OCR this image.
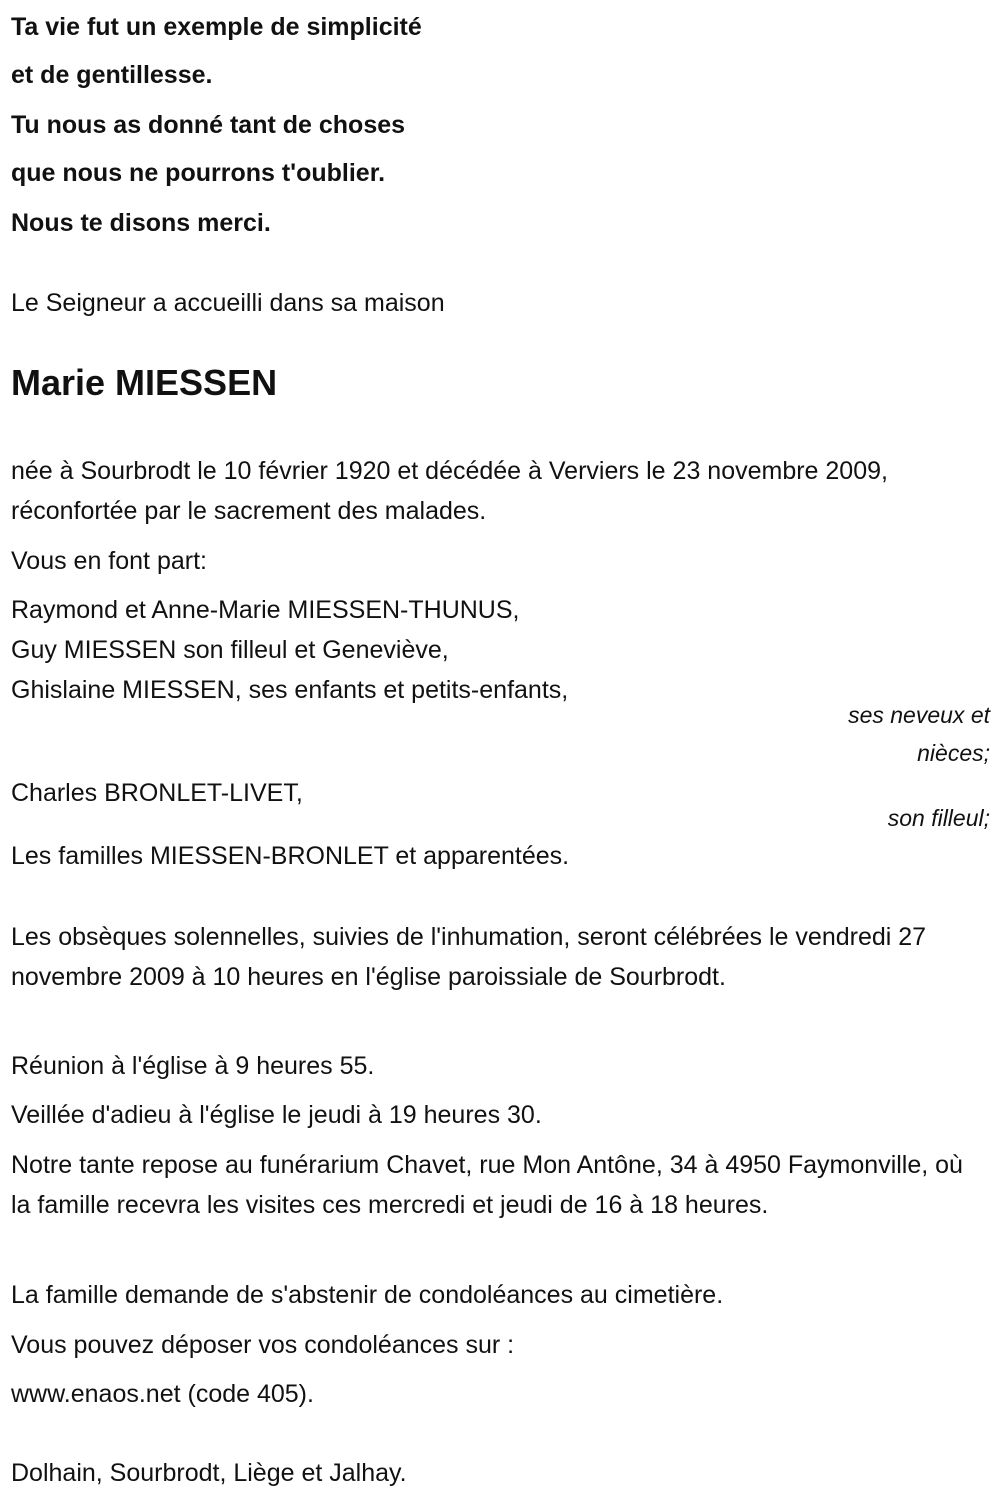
Ta vie fut un exemple de simplicité
et de gentillesse.
Tu nous as donné tant de choses
que nous ne pourrons t'oublier.
Nous te disons merci.
Le Seigneur a accueilli dans sa maison
Marie MIESSEN
née à Sourbrodt le 10 février 1920 et décédée à Verviers le 23 novembre 2009, réconfortée par le sacrement des malades.
Vous en font part:
Raymond et Anne-Marie MIESSEN-THUNUS,
Guy MIESSEN son filleul et Geneviève,
Ghislaine MIESSEN, ses enfants et petits-enfants,
ses neveux et
nièces;
Charles BRONLET-LIVET,
son filleul;
Les familles MIESSEN-BRONLET et apparentées.
Les obsèques solennelles, suivies de l'inhumation, seront célébrées le vendredi 27 novembre 2009 à 10 heures en l'église paroissiale de Sourbrodt.
Réunion à l'église à 9 heures 55.
Veillée d'adieu à l'église le jeudi à 19 heures 30.
Notre tante repose au funérarium Chavet, rue Mon Antône, 34 à 4950 Faymonville, où la famille recevra les visites ces mercredi et jeudi de 16 à 18 heures.
La famille demande de s'abstenir de condoléances au cimetière.
Vous pouvez déposer vos condoléances sur :
www.enaos.net (code 405).
Dolhain, Sourbrodt, Liège et Jalhay.
